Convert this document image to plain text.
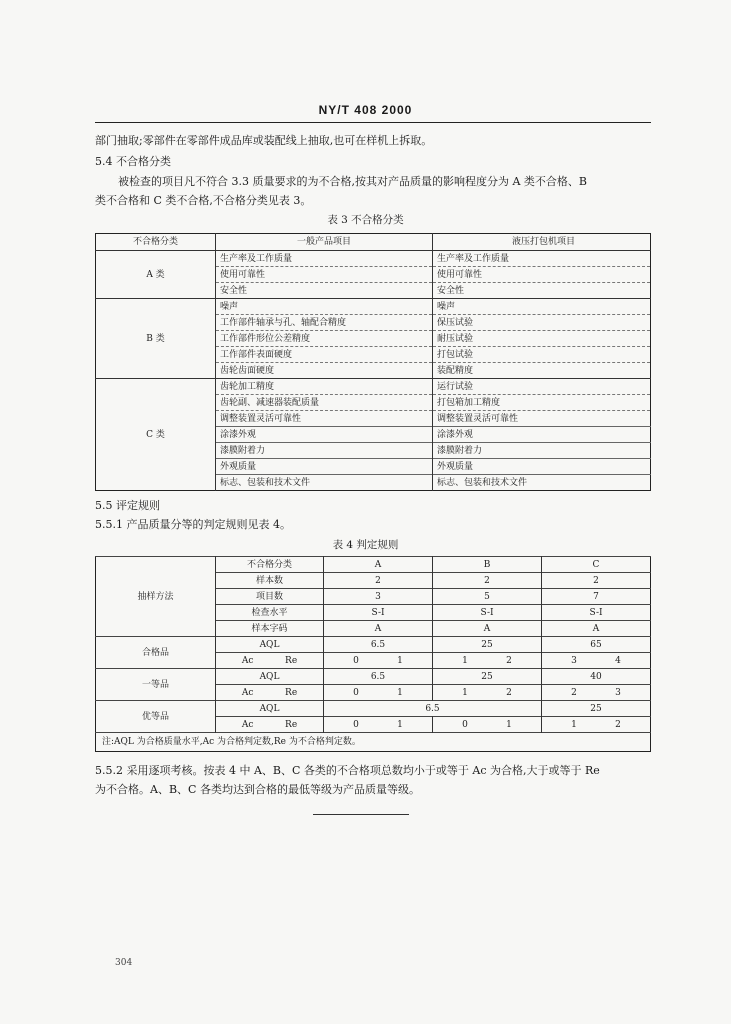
NY/T 408 2000
部门抽取;零部件在零部件成品库或装配线上抽取,也可在样机上拆取。
5.4 不合格分类
被检查的项目凡不符合 3.3 质量要求的为不合格,按其对产品质量的影响程度分为 A 类不合格、B
类不合格和 C 类不合格,不合格分类见表 3。
表 3 不合格分类
不合格分类	一般产品项目	液压打包机项目
A 类	生产率及工作质量	生产率及工作质量
	使用可靠性	使用可靠性
	安全性	安全性
B 类	噪声	噪声
	工作部件轴承与孔、轴配合精度	保压试验
	工作部件形位公差精度	耐压试验
	工作部件表面硬度	打包试验
	齿轮齿面硬度	装配精度
C 类	齿轮加工精度	运行试验
	齿轮副、减速器装配质量	打包箱加工精度
	调整装置灵活可靠性	调整装置灵活可靠性
	涂漆外观	涂漆外观
	漆膜附着力	漆膜附着力
	外观质量	外观质量
	标志、包装和技术文件	标志、包装和技术文件
5.5 评定规则
5.5.1 产品质量分等的判定规则见表 4。
表 4 判定规则
抽样方法	不合格分类	A	B	C
	样本数	2	2	2
	项目数	3	5	7
	检查水平	S-I	S-I	S-I
	样本字码	A	A	A
合格品	AQL	6.5	25	65

	Ac Re	0 1	1 2	3 4

一等品	AQL	6.5	25	40

	Ac Re	0 1	1 2	2 3

优等品	AQL	6.5		25

	Ac Re	0 1	0 1	1 2

注:AQL 为合格质量水平,Ac 为合格判定数,Re 为不合格判定数。				
5.5.2 采用逐项考核。按表 4 中 A、B、C 各类的不合格项总数均小于或等于 Ac 为合格,大于或等于 Re
为不合格。A、B、C 各类均达到合格的最低等级为产品质量等级。
304
